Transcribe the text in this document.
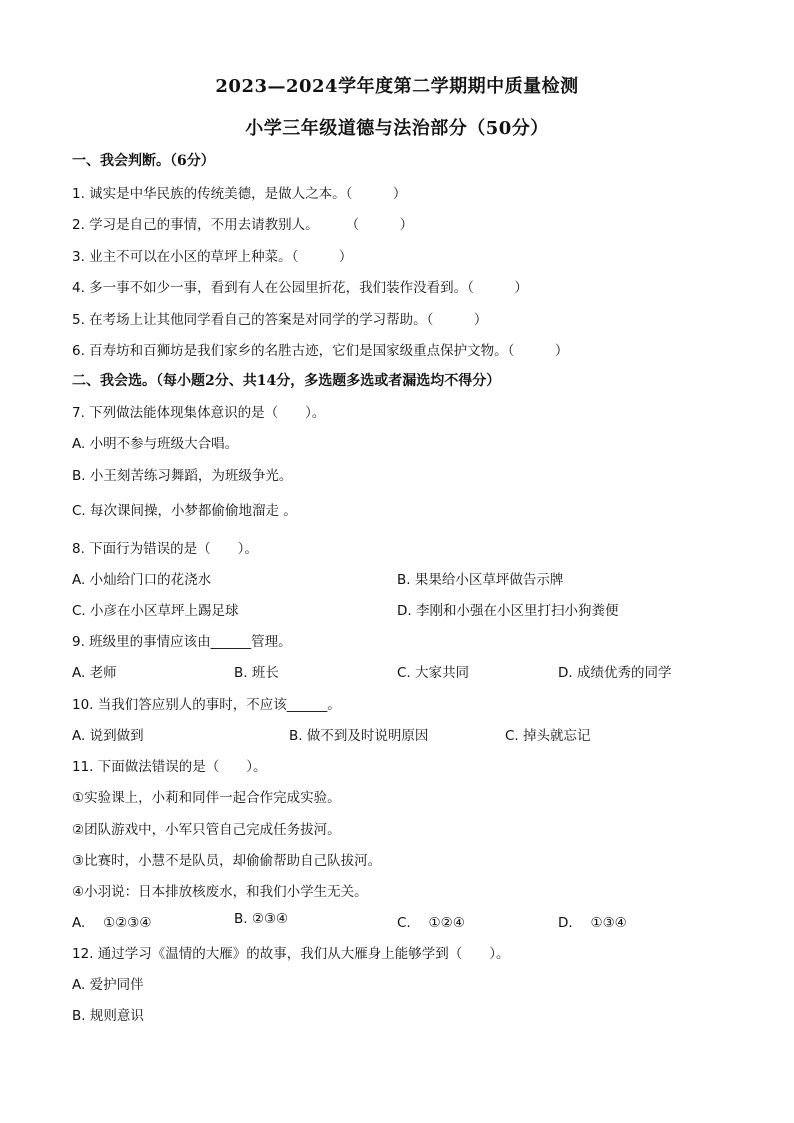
2023—2024学年度第二学期期中质量检测
小学三年级道德与法治部分（50分）
一、我会判断。（6分）
1. 诚实是中华民族的传统美德，是做人之本。（　　　）
2. 学习是自己的事情，不用去请教别人。　　　（　　　）
3. 业主不可以在小区的草坪上种菜。（　　　）
4. 多一事不如少一事，看到有人在公园里折花，我们装作没看到。（　　　）
5. 在考场上让其他同学看自己的答案是对同学的学习帮助。（　　　）
6. 百寿坊和百狮坊是我们家乡的名胜古迹，它们是国家级重点保护文物。（　　　）
二、我会选。（每小题2分、共14分，多选题多选或者漏选均不得分）
7. 下列做法能体现集体意识的是（　　）。
A. 小明不参与班级大合唱。
B. 小王刻苦练习舞蹈，为班级争光。
C. 每次课间操，小梦都偷偷地溜走 。
8. 下面行为错误的是（　　）。
A. 小灿给门口的花浇水	B. 果果给小区草坪做告示牌
C. 小彦在小区草坪上踢足球	D. 李刚和小强在小区里打扫小狗粪便
9. 班级里的事情应该由______管理。
A. 老师	B. 班长	C. 大家共同	D. 成绩优秀的同学
10. 当我们答应别人的事时，不应该______。
A. 说到做到	B. 做不到及时说明原因	C. 掉头就忘记
11. 下面做法错误的是（　　）。
①实验课上，小莉和同伴一起合作完成实验。
②团队游戏中，小军只管自己完成任务拔河。
③比赛时，小慧不是队员，却偷偷帮助自己队拔河。
④小羽说：日本排放核废水，和我们小学生无关。
A. 　①②③④	B. ②③④	C. 　①②④	D. 　①③④
12. 通过学习《温情的大雁》的故事，我们从大雁身上能够学到（　　）。
A. 爱护同伴
B. 规则意识
